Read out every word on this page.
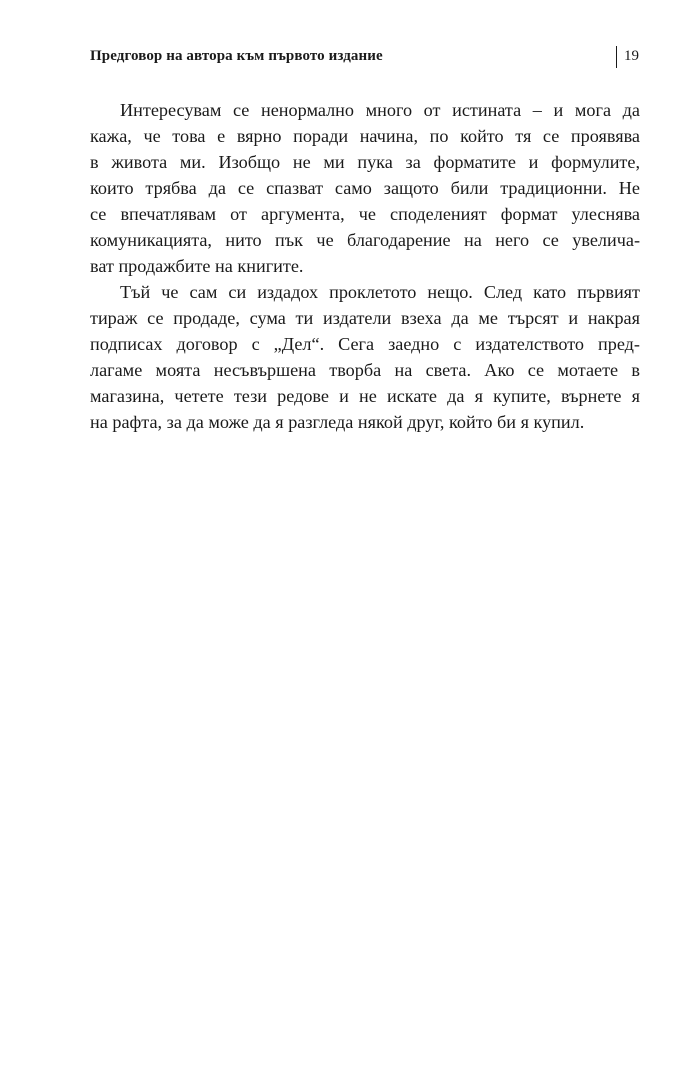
Предговор на автора към първото издание	19

Интересувам се ненормално много от истината – и мога да
кажа, че това е вярно поради начина, по който тя се проявява
в живота ми. Изобщо не ми пука за форматите и формулите,
които трябва да се спазват само защото били традиционни. Не
се впечатлявам от аргумента, че споделеният формат улеснява
комуникацията, нито пък че благодарение на него се увелича-
ват продажбите на книгите.

Тъй че сам си издадох проклетото нещо. След като първият
тираж се продаде, сума ти издатели взеха да ме търсят и накрая
подписах договор с „Дел“. Сега заедно с издателството пред-
лагаме моята несъвършена творба на света. Ако се мотаете в
магазина, четете тези редове и не искате да я купите, върнете я
на рафта, за да може да я разгледа някой друг, който би я купил.
